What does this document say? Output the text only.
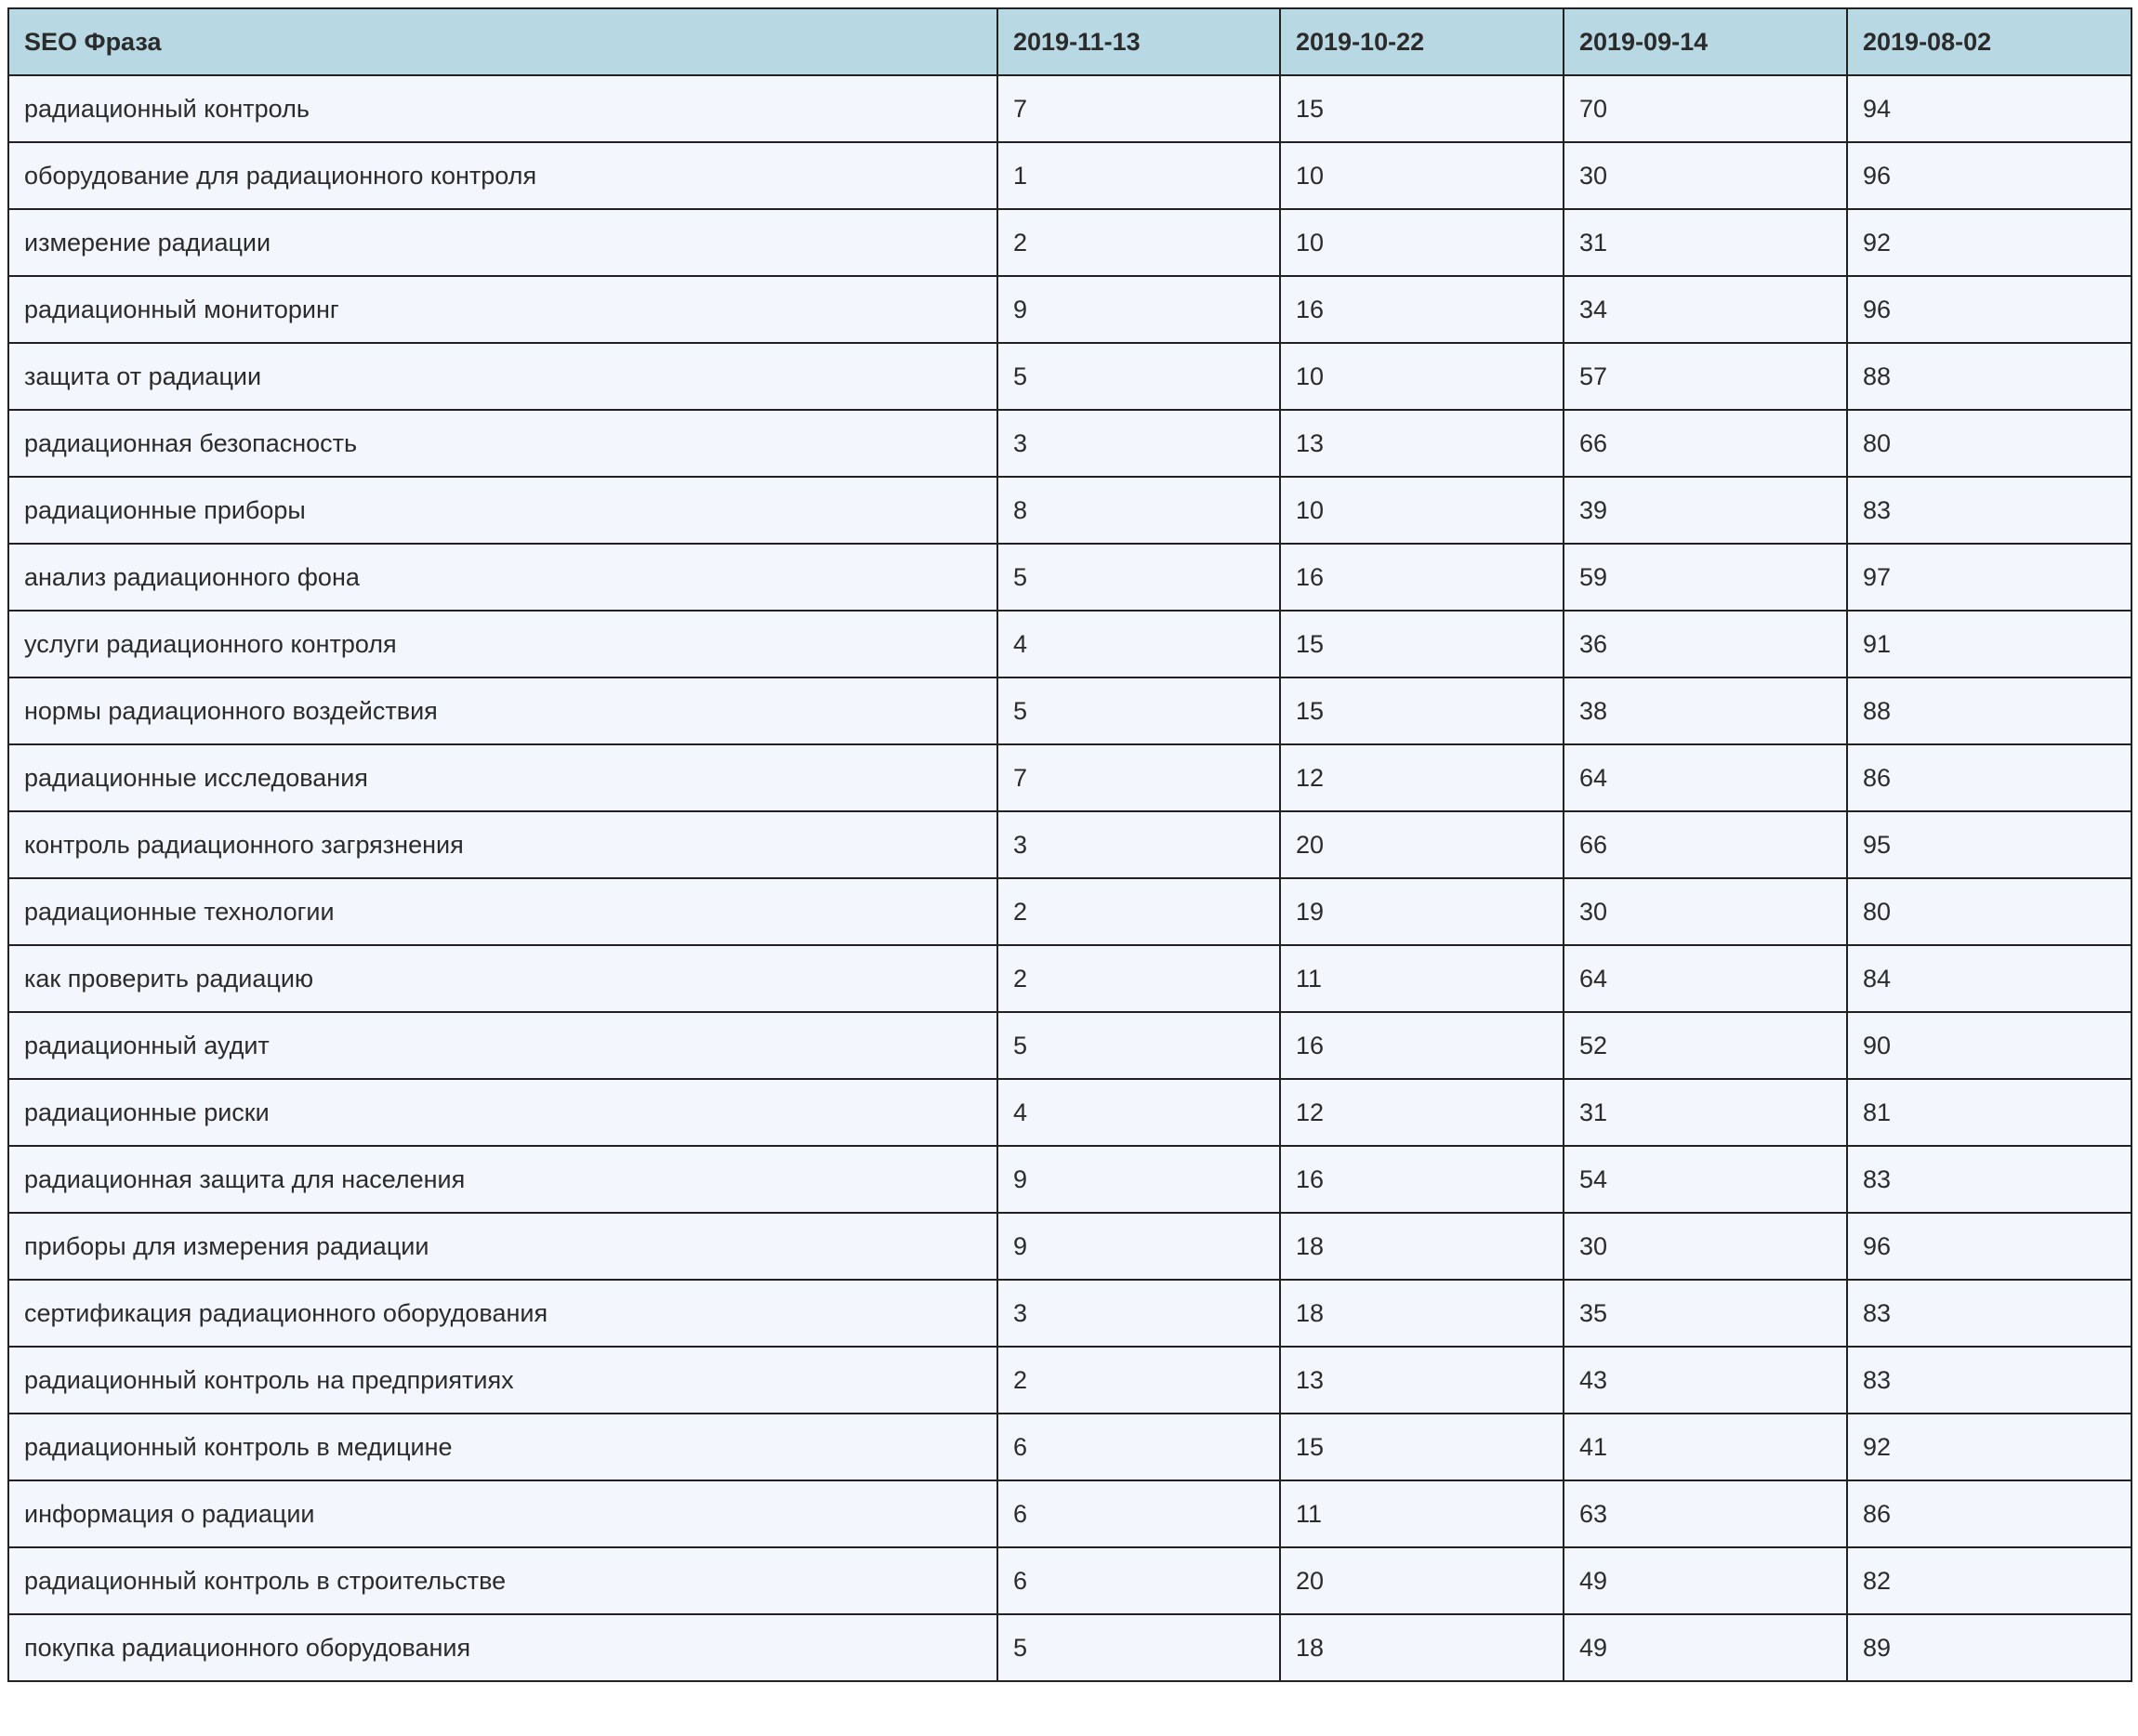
SEO Фраза	2019-11-13	2019-10-22	2019-09-14	2019-08-02
радиационный контроль	7	15	70	94
оборудование для радиационного контроля	1	10	30	96
измерение радиации	2	10	31	92
радиационный мониторинг	9	16	34	96
защита от радиации	5	10	57	88
радиационная безопасность	3	13	66	80
радиационные приборы	8	10	39	83
анализ радиационного фона	5	16	59	97
услуги радиационного контроля	4	15	36	91
нормы радиационного воздействия	5	15	38	88
радиационные исследования	7	12	64	86
контроль радиационного загрязнения	3	20	66	95
радиационные технологии	2	19	30	80
как проверить радиацию	2	11	64	84
радиационный аудит	5	16	52	90
радиационные риски	4	12	31	81
радиационная защита для населения	9	16	54	83
приборы для измерения радиации	9	18	30	96
сертификация радиационного оборудования	3	18	35	83
радиационный контроль на предприятиях	2	13	43	83
радиационный контроль в медицине	6	15	41	92
информация о радиации	6	11	63	86
радиационный контроль в строительстве	6	20	49	82
покупка радиационного оборудования	5	18	49	89
